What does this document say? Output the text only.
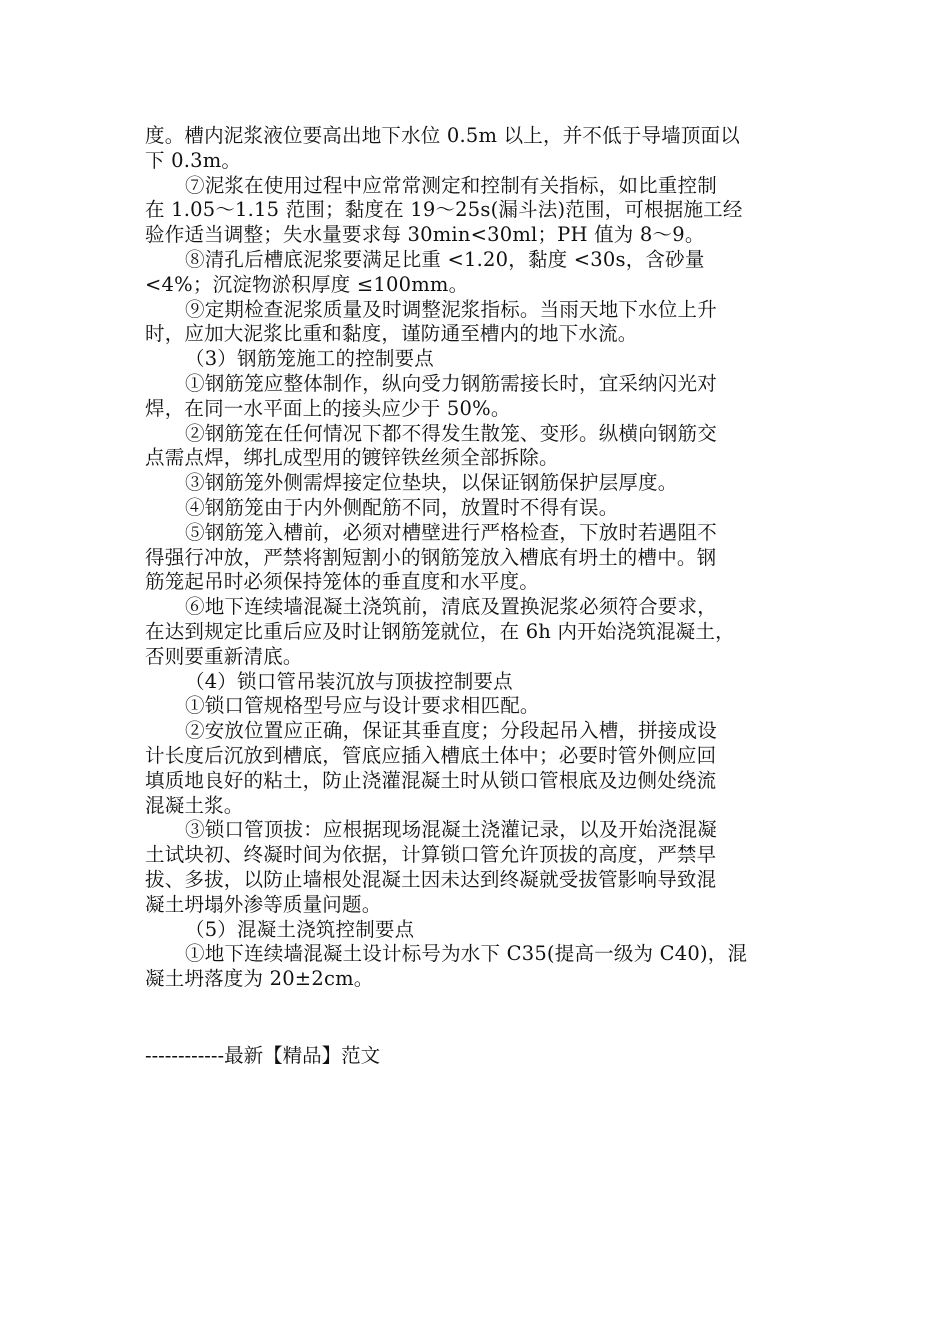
度。槽内泥浆液位要高出地下水位 0.5m 以上，并不低于导墙顶面以
下 0.3m。
⑦泥浆在使用过程中应常常测定和控制有关指标，如比重控制
在 1.05～1.15 范围；黏度在 19～25s(漏斗法)范围，可根据施工经
验作适当调整；失水量要求每 30min<30ml；PH 值为 8～9。
⑧清孔后槽底泥浆要满足比重 <1.20，黏度 <30s，含砂量
<4%；沉淀物淤积厚度 ≤100mm。
⑨定期检查泥浆质量及时调整泥浆指标。当雨天地下水位上升
时，应加大泥浆比重和黏度，谨防通至槽内的地下水流。
（3）钢筋笼施工的控制要点
①钢筋笼应整体制作，纵向受力钢筋需接长时，宜采纳闪光对
焊，在同一水平面上的接头应少于 50%。
②钢筋笼在任何情况下都不得发生散笼、变形。纵横向钢筋交
点需点焊，绑扎成型用的镀锌铁丝须全部拆除。
③钢筋笼外侧需焊接定位垫块，以保证钢筋保护层厚度。
④钢筋笼由于内外侧配筋不同，放置时不得有误。
⑤钢筋笼入槽前，必须对槽壁进行严格检查，下放时若遇阻不
得强行冲放，严禁将割短割小的钢筋笼放入槽底有坍土的槽中。钢
筋笼起吊时必须保持笼体的垂直度和水平度。
⑥地下连续墙混凝土浇筑前，清底及置换泥浆必须符合要求，
在达到规定比重后应及时让钢筋笼就位，在 6h 内开始浇筑混凝土，
否则要重新清底。
（4）锁口管吊装沉放与顶拔控制要点
①锁口管规格型号应与设计要求相匹配。
②安放位置应正确，保证其垂直度；分段起吊入槽，拼接成设
计长度后沉放到槽底，管底应插入槽底土体中；必要时管外侧应回
填质地良好的粘土，防止浇灌混凝土时从锁口管根底及边侧处绕流
混凝土浆。
③锁口管顶拔：应根据现场混凝土浇灌记录，以及开始浇混凝
土试块初、终凝时间为依据，计算锁口管允许顶拔的高度，严禁早
拔、多拔，以防止墙根处混凝土因未达到终凝就受拔管影响导致混
凝土坍塌外渗等质量问题。
（5）混凝土浇筑控制要点
①地下连续墙混凝土设计标号为水下 C35(提高一级为 C40)，混
凝土坍落度为 20±2cm。
------------最新【精品】范文
